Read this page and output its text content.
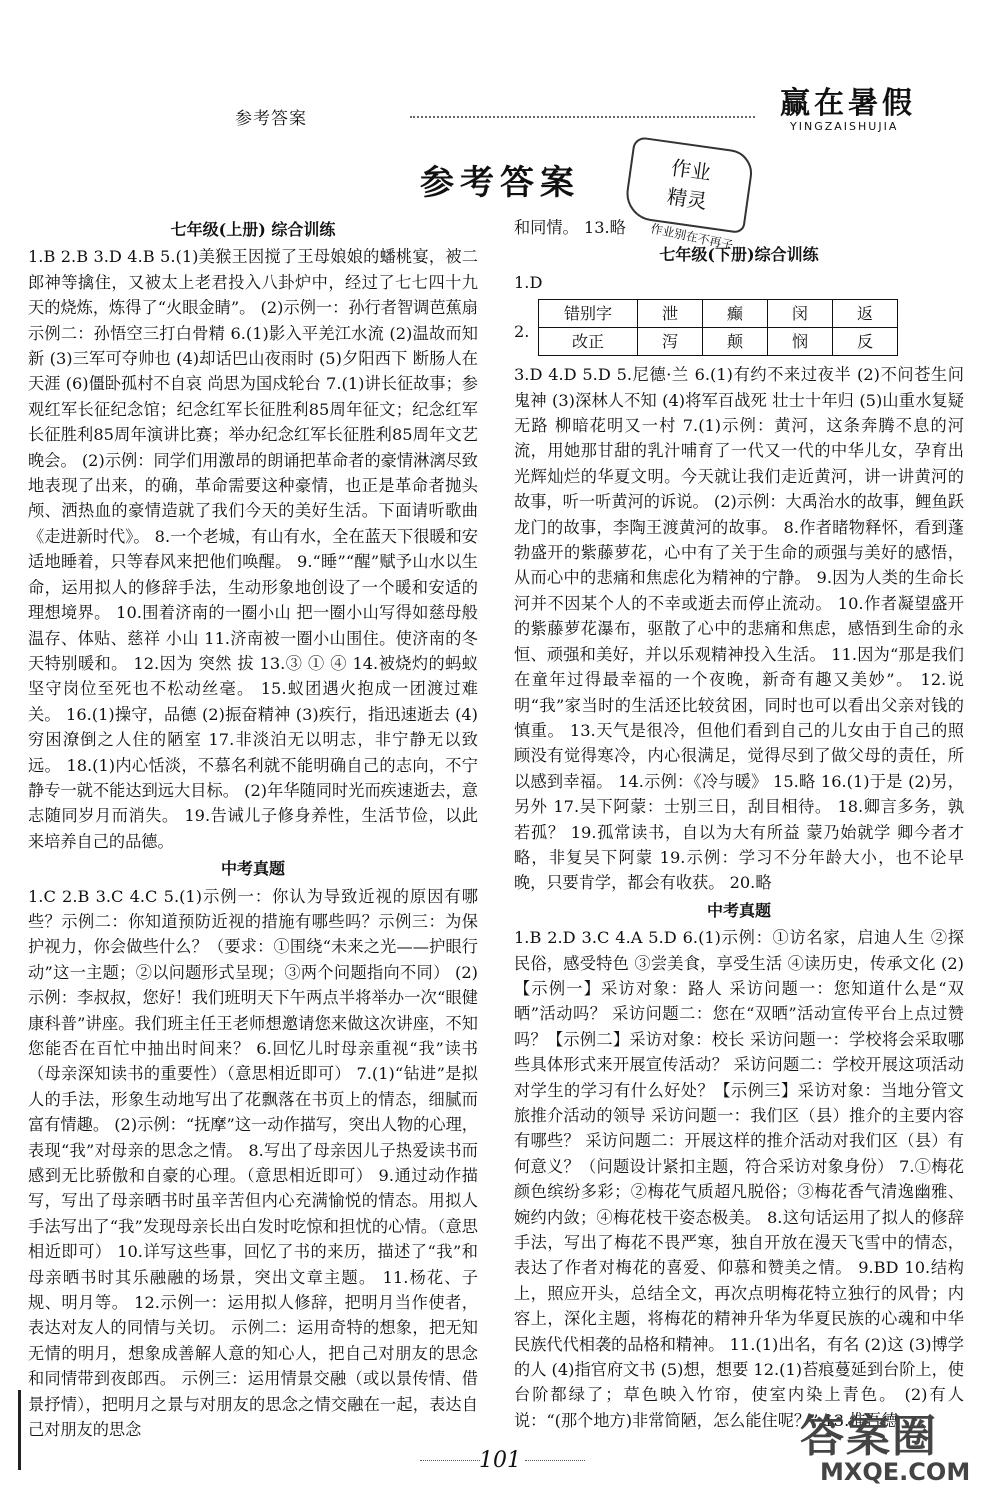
参考答案	赢在暑假
YINGZAISHUJIA
参考答案	作业
精灵
作业别在不再子
七年级(上册) 综合训练

1.B 2.B 3.D 4.B 5.(1)美猴王因搅了王母娘娘的蟠桃宴，被二郎神等擒住，又被太上老君投入八卦炉中，经过了七七四十九天的烧炼，炼得了“火眼金睛”。 (2)示例一：孙行者智调芭蕉扇 示例二：孙悟空三打白骨精 6.(1)影入平羌江水流 (2)温故而知新 (3)三军可夺帅也 (4)却话巴山夜雨时 (5)夕阳西下 断肠人在天涯 (6)僵卧孤村不自哀 尚思为国戍轮台 7.(1)讲长征故事；参观红军长征纪念馆；纪念红军长征胜利85周年征文；纪念红军长征胜利85周年演讲比赛；举办纪念红军长征胜利85周年文艺晚会。 (2)示例：同学们用激昂的朗诵把革命者的豪情淋漓尽致地表现了出来，的确，革命需要这种豪情，也正是革命者抛头颅、洒热血的豪情造就了我们今天的美好生活。下面请听歌曲《走进新时代》。 8.一个老城，有山有水，全在蓝天下很暖和安适地睡着，只等春风来把他们唤醒。 9.“睡”“醒”赋予山水以生命，运用拟人的修辞手法，生动形象地创设了一个暖和安适的理想境界。 10.围着济南的一圈小山 把一圈小山写得如慈母般温存、体贴、慈祥 小山 11.济南被一圈小山围住。使济南的冬天特别暖和。 12.因为 突然 拔 13.③ ① ④ 14.被烧灼的蚂蚁坚守岗位至死也不松动丝毫。 15.蚁团遇火抱成一团渡过难关。 16.(1)操守，品德 (2)振奋精神 (3)疾行，指迅速逝去 (4)穷困潦倒之人住的陋室 17.非淡泊无以明志，非宁静无以致远。 18.(1)内心恬淡，不慕名利就不能明确自己的志向，不宁静专一就不能达到远大目标。 (2)年华随同时光而疾速逝去，意志随同岁月而消失。 19.告诫儿子修身养性，生活节俭，以此来培养自己的品德。

中考真题

1.C 2.B 3.C 4.C 5.(1)示例一：你认为导致近视的原因有哪些？示例二：你知道预防近视的措施有哪些吗？示例三：为保护视力，你会做些什么？（要求：①围绕“未来之光——护眼行动”这一主题；②以问题形式呈现；③两个问题指向不同） (2)示例：李叔叔，您好！我们班明天下午两点半将举办一次“眼健康科普”讲座。我们班主任王老师想邀请您来做这次讲座，不知您能否在百忙中抽出时间来？ 6.回忆儿时母亲重视“我”读书（母亲深知读书的重要性）（意思相近即可） 7.(1)“钻进”是拟人的手法，形象生动地写出了花飘落在书页上的情态，细腻而富有情趣。 (2)示例：“抚摩”这一动作描写，突出人物的心理，表现“我”对母亲的思念之情。 8.写出了母亲因儿子热爱读书而感到无比骄傲和自豪的心理。（意思相近即可） 9.通过动作描写，写出了母亲晒书时虽辛苦但内心充满愉悦的情态。用拟人手法写出了“我”发现母亲长出白发时吃惊和担忧的心情。（意思相近即可） 10.详写这些事，回忆了书的来历，描述了“我”和母亲晒书时其乐融融的场景，突出文章主题。 11.杨花、子规、明月等。 12.示例一：运用拟人修辞，把明月当作使者，表达对友人的同情与关切。 示例二：运用奇特的想象，把无知无情的明月，想象成善解人意的知心人，把自己对朋友的思念和同情带到夜郎西。 示例三：运用情景交融（或以景传情、借景抒情），把明月之景与对朋友的思念之情交融在一起，表达自己对朋友的思念

和同情。 13.略

七年级(下册)综合训练

1.D

2.
错别字	泄	癫	闵	返
改正	泻	颠	悯	反

3.D 4.D 5.D 5.尼德·兰 6.(1)有约不来过夜半 (2)不问苍生问鬼神 (3)深林人不知 (4)将军百战死 壮士十年归 (5)山重水复疑无路 柳暗花明又一村 7.(1)示例：黄河，这条奔腾不息的河流，用她那甘甜的乳汁哺育了一代又一代的中华儿女，孕育出光辉灿烂的华夏文明。今天就让我们走近黄河，讲一讲黄河的故事，听一听黄河的诉说。 (2)示例：大禹治水的故事，鲤鱼跃龙门的故事，李陶王渡黄河的故事。 8.作者睹物释怀，看到蓬勃盛开的紫藤萝花，心中有了关于生命的顽强与美好的感悟，从而心中的悲痛和焦虑化为精神的宁静。 9.因为人类的生命长河并不因某个人的不幸或逝去而停止流动。 10.作者凝望盛开的紫藤萝花瀑布，驱散了心中的悲痛和焦虑，感悟到生命的永恒、顽强和美好，并以乐观精神投入生活。 11.因为“那是我们在童年过得最幸福的一个夜晚，新奇有趣又美妙”。 12.说明“我”家当时的生活还比较贫困，同时也可以看出父亲对钱的慎重。 13.天气是很冷，但他们看到自己的儿女由于自己的照顾没有觉得寒冷，内心很满足，觉得尽到了做父母的责任，所以感到幸福。 14.示例：《冷与暖》 15.略 16.(1)于是 (2)另，另外 17.吴下阿蒙：士别三日，刮目相待。 18.卿言多务，孰若孤？ 19.孤常读书，自以为大有所益 蒙乃始就学 卿今者才略，非复吴下阿蒙 19.示例：学习不分年龄大小，也不论早晚，只要肯学，都会有收获。 20.略

中考真题

1.B 2.D 3.C 4.A 5.D 6.(1)示例：①访名家，启迪人生 ②探民俗，感受特色 ③尝美食，享受生活 ④读历史，传承文化 (2)【示例一】采访对象：路人 采访问题一：您知道什么是“双晒”活动吗？ 采访问题二：您在“双晒”活动宣传平台上点过赞吗？【示例二】采访对象：校长 采访问题一：学校将会采取哪些具体形式来开展宣传活动？ 采访问题二：学校开展这项活动对学生的学习有什么好处？【示例三】采访对象：当地分管文旅推介活动的领导 采访问题一：我们区（县）推介的主要内容有哪些？ 采访问题二：开展这样的推介活动对我们区（县）有何意义？（问题设计紧扣主题，符合采访对象身份） 7.①梅花颜色缤纷多彩；②梅花气质超凡脱俗；③梅花香气清逸幽雅、婉约内敛；④梅花枝干姿态极美。 8.这句话运用了拟人的修辞手法，写出了梅花不畏严寒，独自开放在漫天飞雪中的情态，表达了作者对梅花的喜爱、仰慕和赞美之情。 9.BD 10.结构上，照应开头，总结全文，再次点明梅花特立独行的风骨；内容上，深化主题，将梅花的精神升华为华夏民族的心魂和中华民族代代相袭的品格和精神。 11.(1)出名，有名 (2)这 (3)博学的人 (4)指官府文书 (5)想，想要 12.(1)苔痕蔓延到台阶上，使台阶都绿了；草色映入竹帘，使室内染上青色。 (2)有人说：“(那个地方)非常简陋，怎么能住呢？” 13.惟吾德

101	答案圈
MXQE.COM
